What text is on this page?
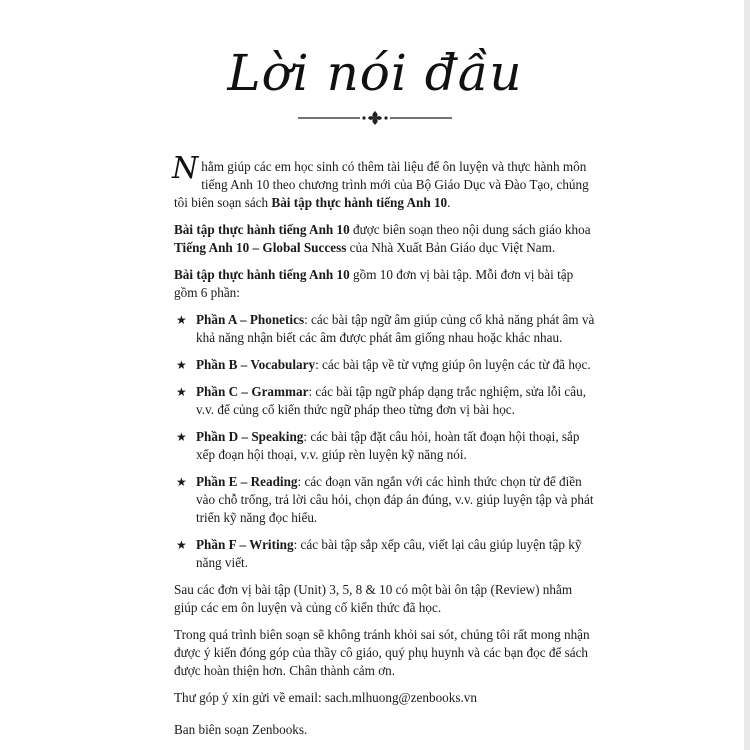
Lời nói đầu

Nhằm giúp các em học sinh có thêm tài liệu để ôn luyện và thực hành môn tiếng Anh 10 theo chương trình mới của Bộ Giáo Dục và Đào Tạo, chúng tôi biên soạn sách Bài tập thực hành tiếng Anh 10.

Bài tập thực hành tiếng Anh 10 được biên soạn theo nội dung sách giáo khoa Tiếng Anh 10 – Global Success của Nhà Xuất Bản Giáo dục Việt Nam.

Bài tập thực hành tiếng Anh 10 gồm 10 đơn vị bài tập. Mỗi đơn vị bài tập gồm 6 phần:

★ Phần A – Phonetics: các bài tập ngữ âm giúp củng cố khả năng phát âm và khả năng nhận biết các âm được phát âm giống nhau hoặc khác nhau.
★ Phần B – Vocabulary: các bài tập về từ vựng giúp ôn luyện các từ đã học.
★ Phần C – Grammar: các bài tập ngữ pháp dạng trắc nghiệm, sửa lỗi câu, v.v. để củng cố kiến thức ngữ pháp theo từng đơn vị bài học.
★ Phần D – Speaking: các bài tập đặt câu hỏi, hoàn tất đoạn hội thoại, sắp xếp đoạn hội thoại, v.v. giúp rèn luyện kỹ năng nói.
★ Phần E – Reading: các đoạn văn ngắn với các hình thức chọn từ để điền vào chỗ trống, trả lời câu hỏi, chọn đáp án đúng, v.v. giúp luyện tập và phát triển kỹ năng đọc hiểu.
★ Phần F – Writing: các bài tập sắp xếp câu, viết lại câu giúp luyện tập kỹ năng viết.

Sau các đơn vị bài tập (Unit) 3, 5, 8 & 10 có một bài ôn tập (Review) nhằm giúp các em ôn luyện và củng cố kiến thức đã học.

Trong quá trình biên soạn sẽ không tránh khỏi sai sót, chúng tôi rất mong nhận được ý kiến đóng góp của thầy cô giáo, quý phụ huynh và các bạn đọc để sách được hoàn thiện hơn. Chân thành cảm ơn.

Thư góp ý xin gửi về email: sach.mlhuong@zenbooks.vn

Ban biên soạn Zenbooks.
